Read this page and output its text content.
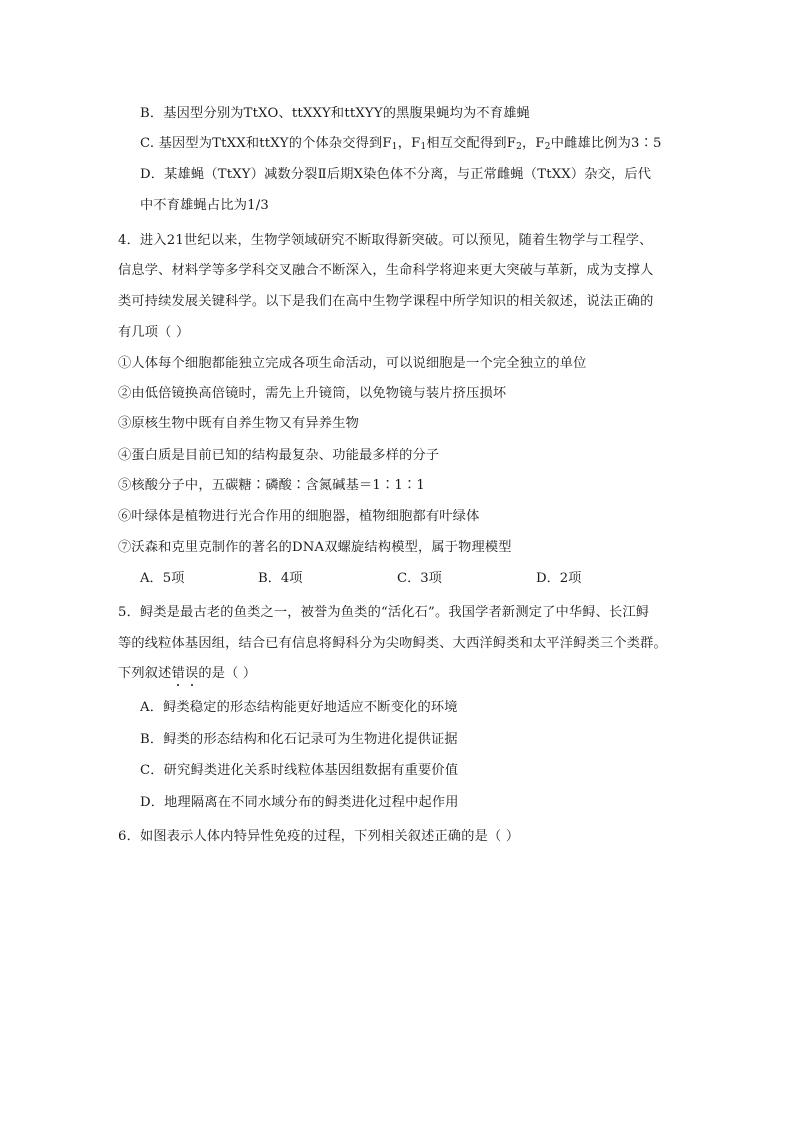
B．基因型分别为TtXO、ttXXY和ttXYY的黑腹果蝇均为不育雄蝇
C. 基因型为TtXX和ttXY的个体杂交得到$F_1$，$F_1$相互交配得到$F_2$，$F_2$中雌雄比例为3∶5
D．某雄蝇（TtXY）减数分裂Ⅱ后期X染色体不分离，与正常雌蝇（TtXX）杂交，后代
中不育雄蝇占比为1/3
4．进入21世纪以来，生物学领域研究不断取得新突破。可以预见，随着生物学与工程学、
信息学、材料学等多学科交叉融合不断深入，生命科学将迎来更大突破与革新，成为支撑人
类可持续发展关键科学。以下是我们在高中生物学课程中所学知识的相关叙述，说法正确的
有几项（ ）
①人体每个细胞都能独立完成各项生命活动，可以说细胞是一个完全独立的单位
②由低倍镜换高倍镜时，需先上升镜筒，以免物镜与装片挤压损坏
③原核生物中既有自养生物又有异养生物
④蛋白质是目前已知的结构最复杂、功能最多样的分子
⑤核酸分子中，五碳糖∶磷酸∶含氮碱基＝1∶1∶1
⑥叶绿体是植物进行光合作用的细胞器，植物细胞都有叶绿体
⑦沃森和克里克制作的著名的DNA双螺旋结构模型，属于物理模型
A．5项	B．4项	C．3项	D．2项
5．鲟类是最古老的鱼类之一，被誉为鱼类的“活化石”。我国学者新测定了中华鲟、长江鲟
等的线粒体基因组，结合已有信息将鲟科分为尖吻鲟类、大西洋鲟类和太平洋鲟类三个类群。
下列叙述错误的是（ ）
A．鲟类稳定的形态结构能更好地适应不断变化的环境
B．鲟类的形态结构和化石记录可为生物进化提供证据
C．研究鲟类进化关系时线粒体基因组数据有重要价值
D．地理隔离在不同水域分布的鲟类进化过程中起作用
6．如图表示人体内特异性免疫的过程，下列相关叙述正确的是（ ）
